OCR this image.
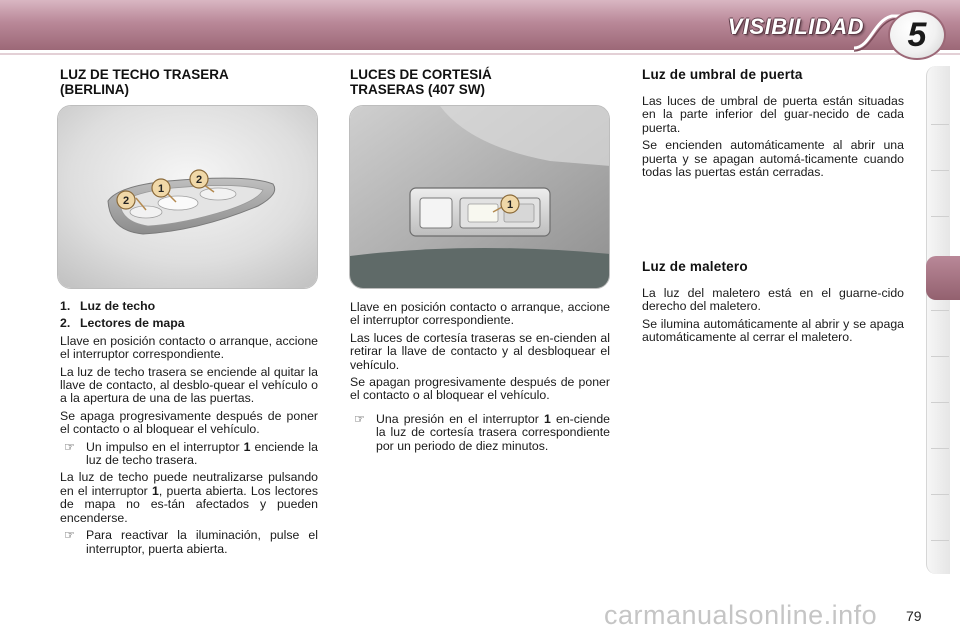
VISIBILIDAD	5
LUZ DE TECHO TRASERA
(BERLINA)
2
1
2
1. Luz de techo
2. Lectores de mapa

Llave en posición contacto o arranque, accione el interruptor correspondiente.

La luz de techo trasera se enciende al quitar la llave de contacto, al desblo-quear el vehículo o a la apertura de una de las puertas.

Se apaga progresivamente después de poner el contacto o al bloquear el vehículo.

☞ Un impulso en el interruptor 1 enciende la luz de techo trasera.

La luz de techo puede neutralizarse pulsando en el interruptor 1, puerta abierta. Los lectores de mapa no es-tán afectados y pueden encenderse.

☞ Para reactivar la iluminación, pulse el interruptor, puerta abierta.

LUCES DE CORTESIÁ
TRASERAS (407 SW)
1

Llave en posición contacto o arranque, accione el interruptor correspondiente.

Las luces de cortesía traseras se en-cienden al retirar la llave de contacto y al desbloquear el vehículo.

Se apagan progresivamente después de poner el contacto o al bloquear el vehículo.

☞ Una presión en el interruptor 1 en-ciende la luz de cortesía trasera correspondiente por un periodo de diez minutos.

Luz de umbral de puerta

Las luces de umbral de puerta están situadas en la parte inferior del guar-necido de cada puerta.

Se encienden automáticamente al abrir una puerta y se apagan automá-ticamente cuando todas las puertas están cerradas.

Luz de maletero

La luz del maletero está en el guarne-cido derecho del maletero.

Se ilumina automáticamente al abrir y se apaga automáticamente al cerrar el maletero.

carmanualsonline.info 79
